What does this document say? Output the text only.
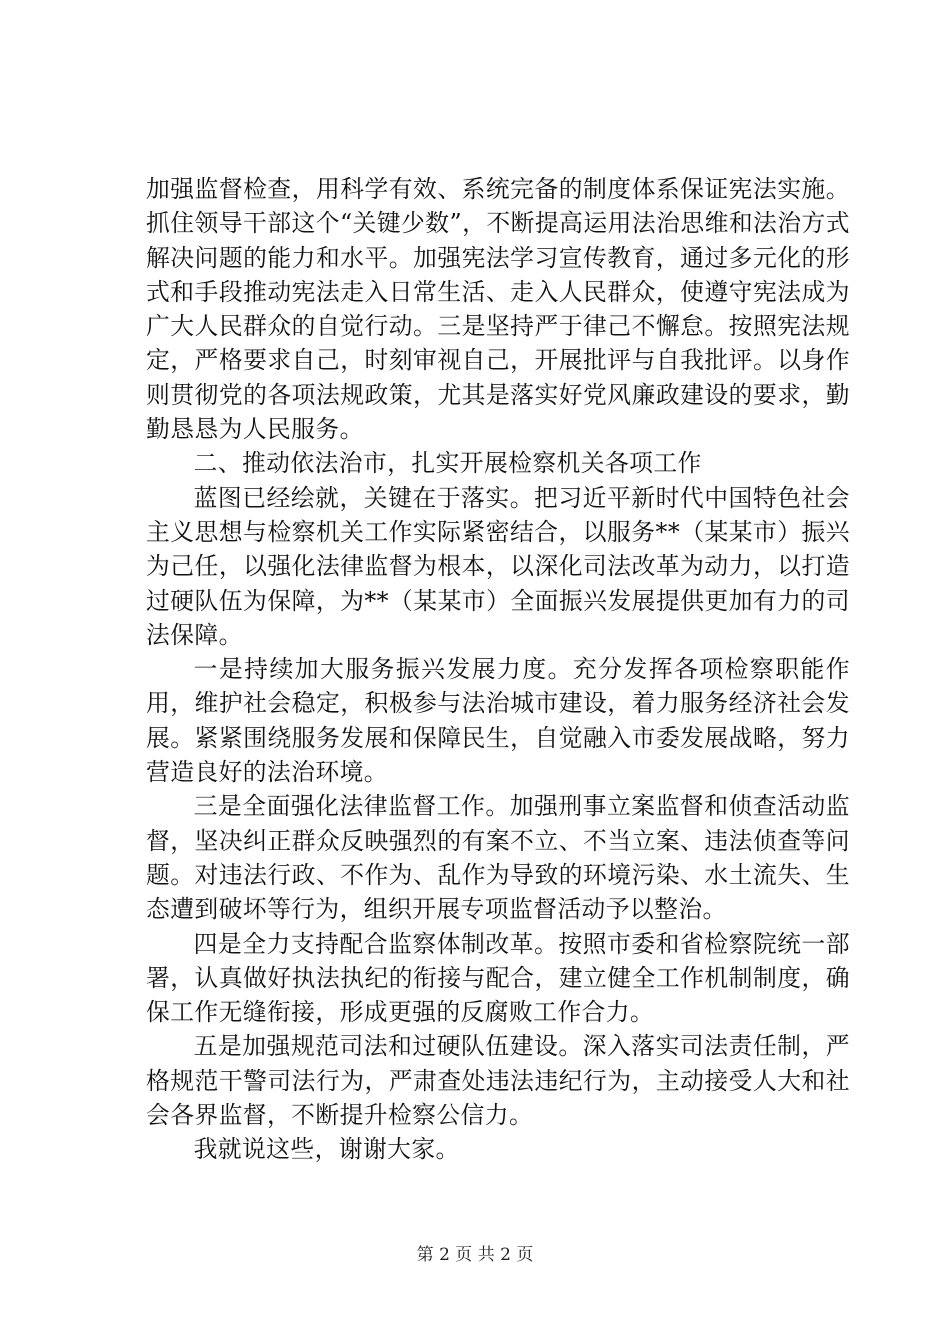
加强监督检查，用科学有效、系统完备的制度体系保证宪法实施。抓住领导干部这个“关键少数”，不断提高运用法治思维和法治方式解决问题的能力和水平。加强宪法学习宣传教育，通过多元化的形式和手段推动宪法走入日常生活、走入人民群众，使遵守宪法成为广大人民群众的自觉行动。三是坚持严于律己不懈怠。按照宪法规定，严格要求自己，时刻审视自己，开展批评与自我批评。以身作则贯彻党的各项法规政策，尤其是落实好党风廉政建设的要求，勤勤恳恳为人民服务。

二、推动依法治市，扎实开展检察机关各项工作

蓝图已经绘就，关键在于落实。把习近平新时代中国特色社会主义思想与检察机关工作实际紧密结合，以服务**（某某市）振兴为己任，以强化法律监督为根本，以深化司法改革为动力，以打造过硬队伍为保障，为**（某某市）全面振兴发展提供更加有力的司法保障。

一是持续加大服务振兴发展力度。充分发挥各项检察职能作用，维护社会稳定，积极参与法治城市建设，着力服务经济社会发展。紧紧围绕服务发展和保障民生，自觉融入市委发展战略，努力营造良好的法治环境。

三是全面强化法律监督工作。加强刑事立案监督和侦查活动监督，坚决纠正群众反映强烈的有案不立、不当立案、违法侦查等问题。对违法行政、不作为、乱作为导致的环境污染、水土流失、生态遭到破坏等行为，组织开展专项监督活动予以整治。

四是全力支持配合监察体制改革。按照市委和省检察院统一部署，认真做好执法执纪的衔接与配合，建立健全工作机制制度，确保工作无缝衔接，形成更强的反腐败工作合力。

五是加强规范司法和过硬队伍建设。深入落实司法责任制，严格规范干警司法行为，严肃查处违法违纪行为，主动接受人大和社会各界监督，不断提升检察公信力。

我就说这些，谢谢大家。

第 2 页 共 2 页
